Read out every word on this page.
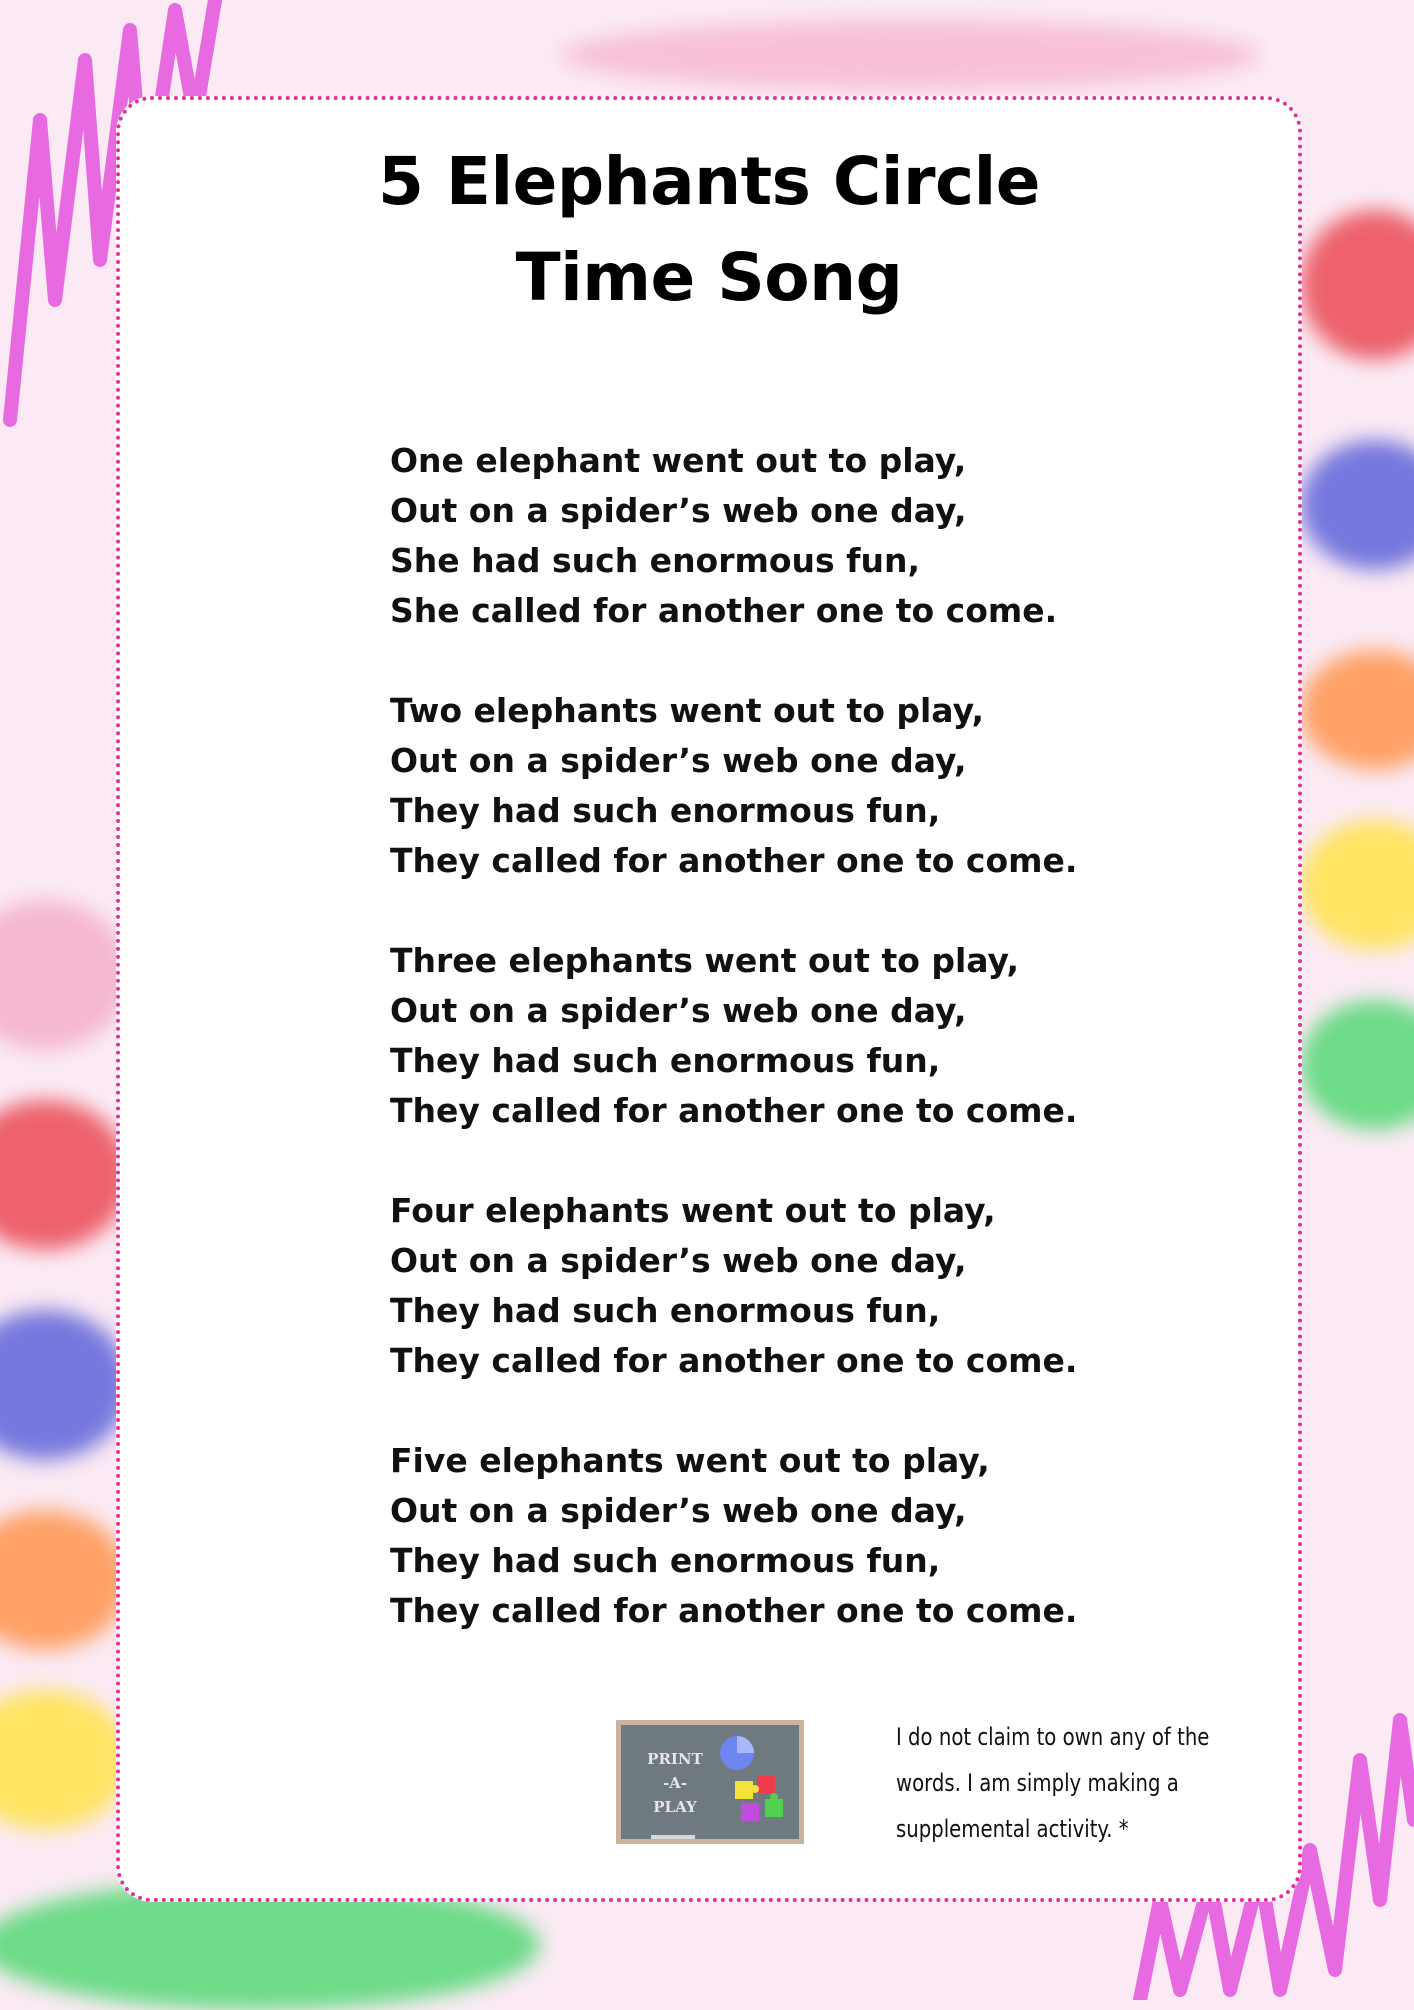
5 Elephants Circle
Time Song
One elephant went out to play,
Out on a spider’s web one day,
She had such enormous fun,
She called for another one to come.
Two elephants went out to play,
Out on a spider’s web one day,
They had such enormous fun,
They called for another one to come.
Three elephants went out to play,
Out on a spider’s web one day,
They had such enormous fun,
They called for another one to come.
Four elephants went out to play,
Out on a spider’s web one day,
They had such enormous fun,
They called for another one to come.
Five elephants went out to play,
Out on a spider’s web one day,
They had such enormous fun,
They called for another one to come.
PRINT
-A-
PLAY
I do not claim to own any of the
words. I am simply making a
supplemental activity. *
